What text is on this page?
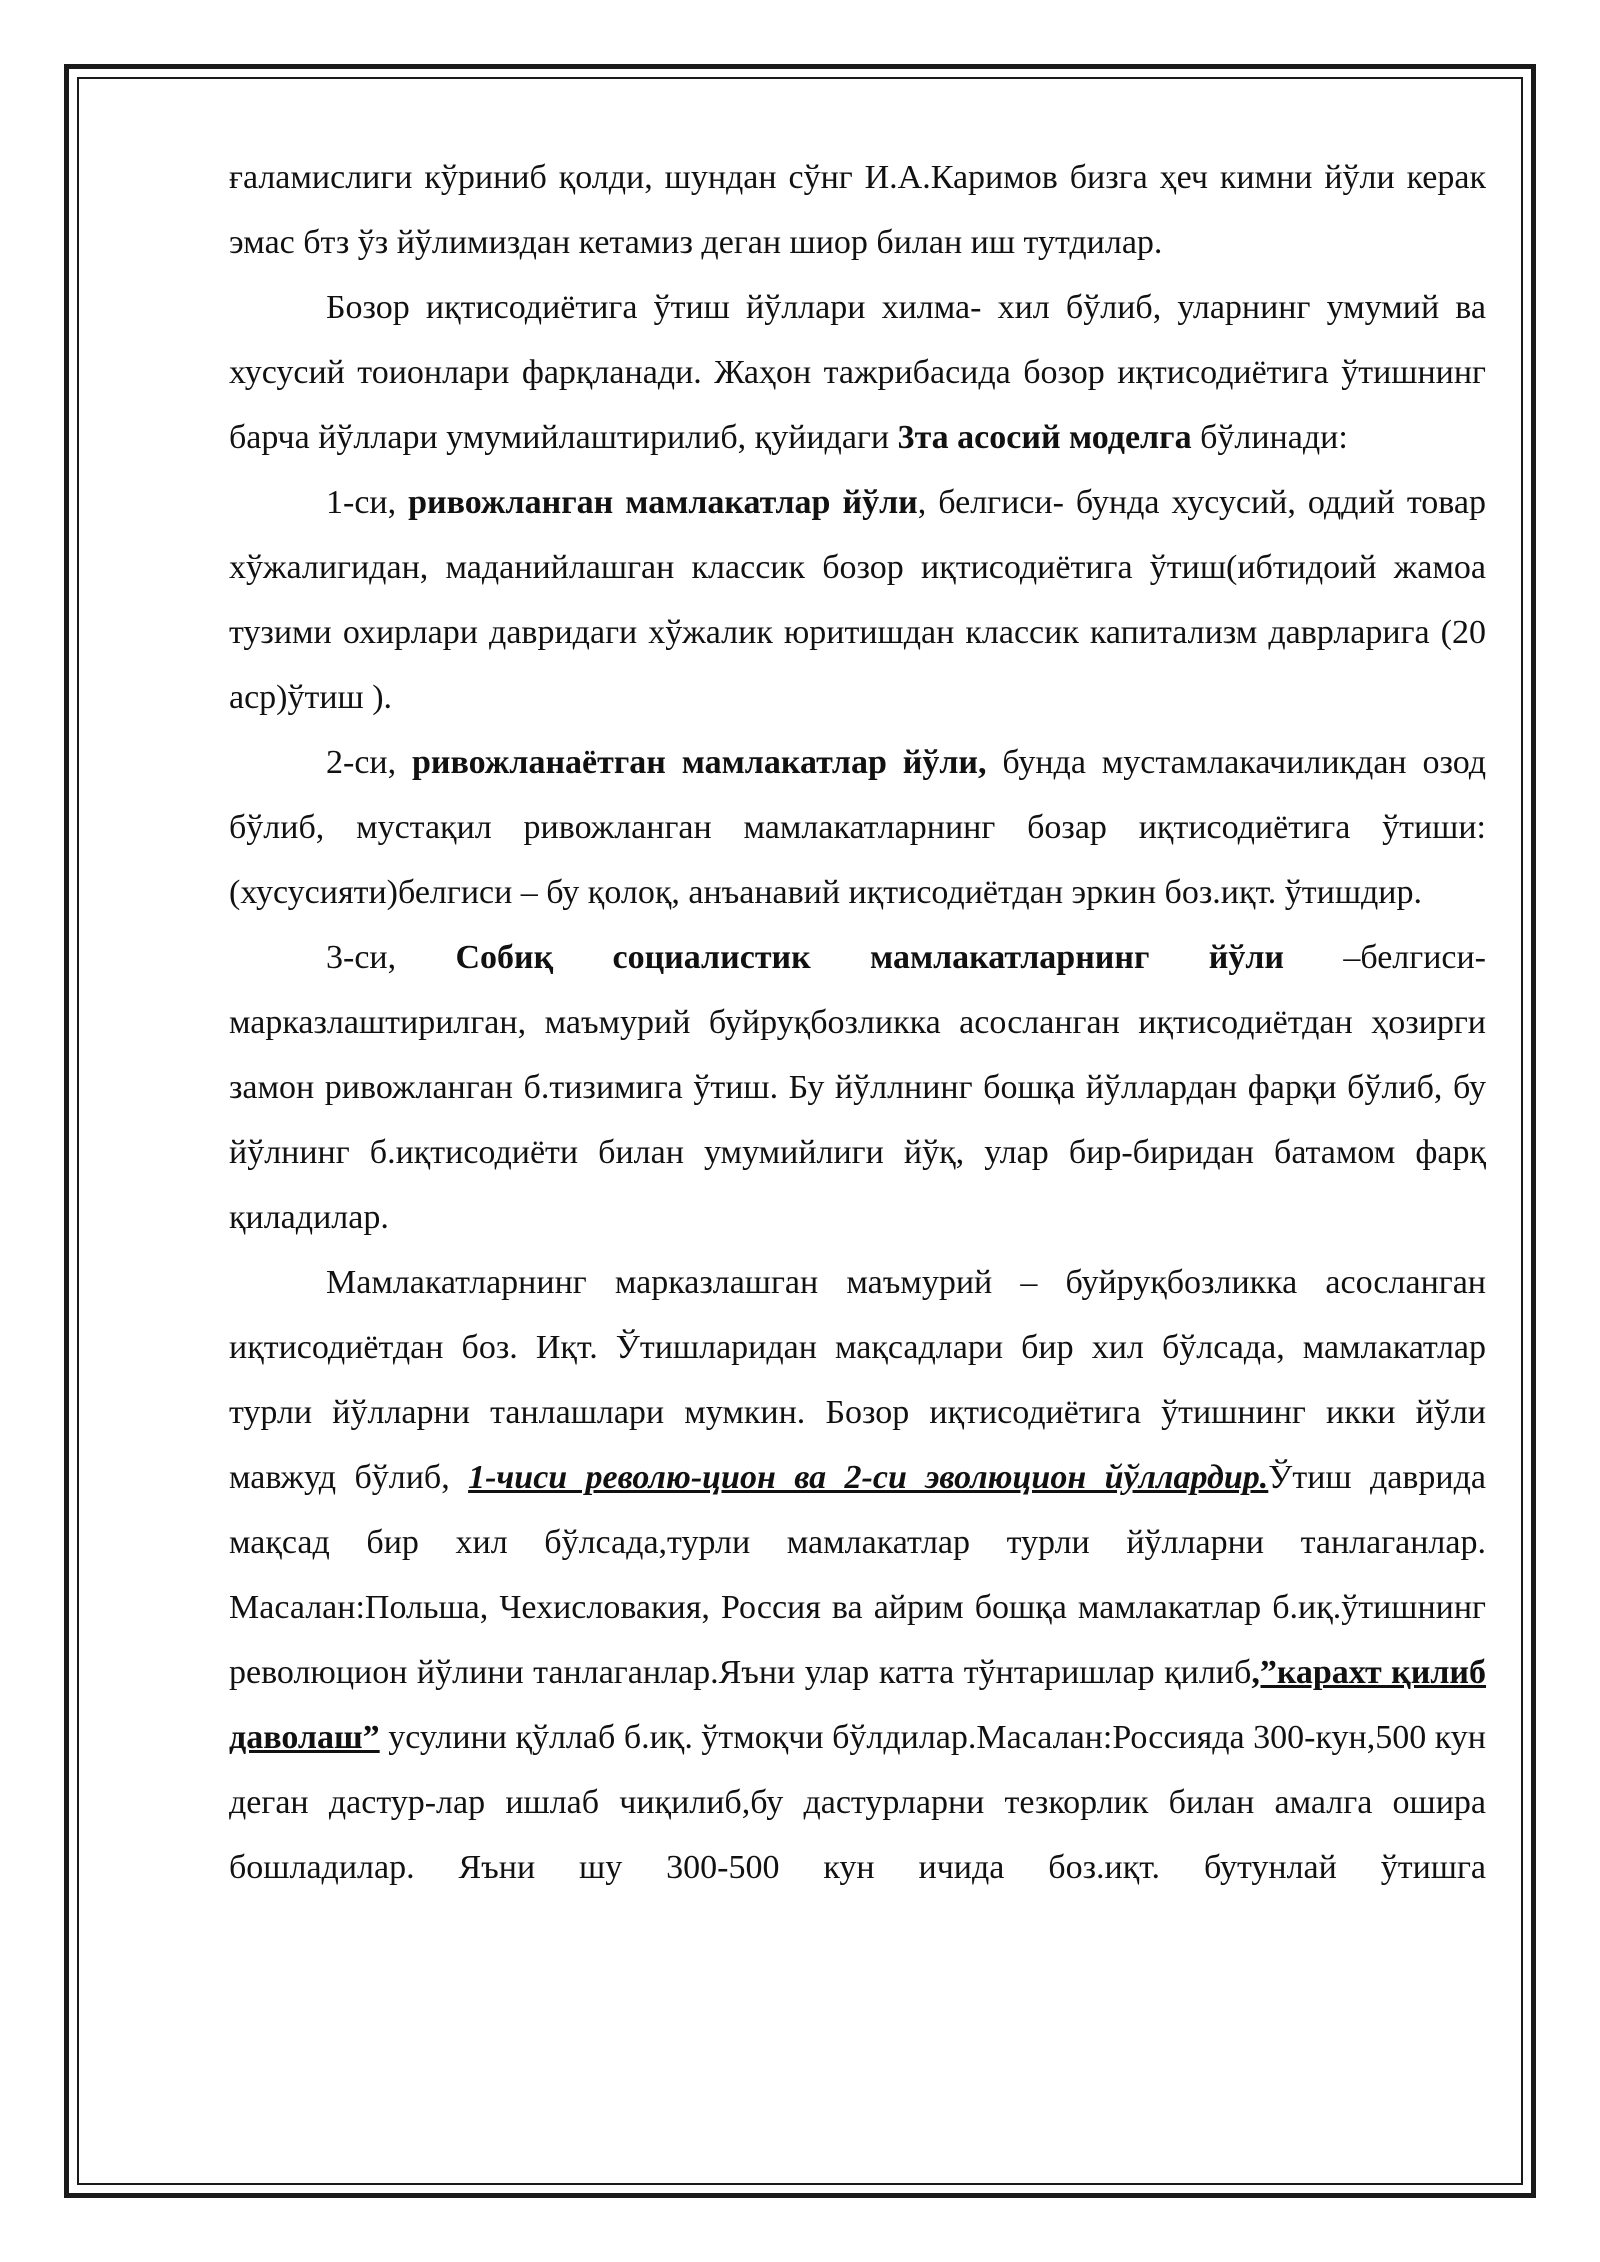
ғаламислиги кўриниб қолди, шундан сўнг И.А.Каримов бизга ҳеч кимни йўли керак эмас бтз ўз йўлимиздан кетамиз деган шиор билан иш тутдилар.

Бозор иқтисодиётига ўтиш йўллари хилма- хил бўлиб, уларнинг умумий ва хусусий тоионлари фарқланади. Жаҳон тажрибасида бозор иқтисодиётига ўтишнинг барча йўллари умумийлаштирилиб, қуйидаги 3та асосий моделга бўлинади:

1-си, ривожланган мамлакатлар йўли, белгиси- бунда хусусий, оддий товар хўжалигидан, маданийлашган классик бозор иқтисодиётига ўтиш(ибтидоий жамоа тузими охирлари давридаги хўжалик юритишдан классик капитализм даврларига (20 аср)ўтиш ).

2-си, ривожланаётган мамлакатлар йўли, бунда мустамлакачиликдан озод бўлиб, мустақил ривожланган мамлакатларнинг бозар иқтисодиётига ўтиши: (хусусияти)белгиси – бу қолоқ, анъанавий иқтисодиётдан эркин боз.иқт. ўтишдир.

3-си, Собиқ социалистик мамлакатларнинг йўли –белгиси- марказлаштирилган, маъмурий буйруқбозликка асосланган иқтисодиётдан ҳозирги замон ривожланган б.тизимига ўтиш. Бу йўллнинг бошқа йўллардан фарқи бўлиб, бу йўлнинг б.иқтисодиёти билан умумийлиги йўқ, улар бир-биридан батамом фарқ қиладилар.

Мамлакатларнинг марказлашган маъмурий – буйруқбозликка асосланган иқтисодиётдан боз. Иқт. Ўтишларидан мақсадлари бир хил бўлсада, мамлакатлар турли йўлларни танлашлари мумкин. Бозор иқтисодиётига ўтишнинг икки йўли мавжуд бўлиб, 1-чиси револю-цион ва 2-си эволюцион йўллардир.Ўтиш даврида мақсад бир хил бўлсада,турли мамлакатлар турли йўлларни танлаганлар. Масалан:Польша, Чехисловакия, Россия ва айрим бошқа мамлакатлар б.иқ.ўтишнинг революцион йўлини танлаганлар.Яъни улар катта тўнтаришлар қилиб,”карахт қилиб даволаш” усулини қўллаб б.иқ. ўтмоқчи бўлдилар.Масалан:Россияда 300-кун,500 кун деган дастур-лар ишлаб чиқилиб,бу дастурларни тезкорлик билан амалга ошира бошладилар. Яъни шу 300-500 кун ичида боз.иқт. бутунлай ўтишга
